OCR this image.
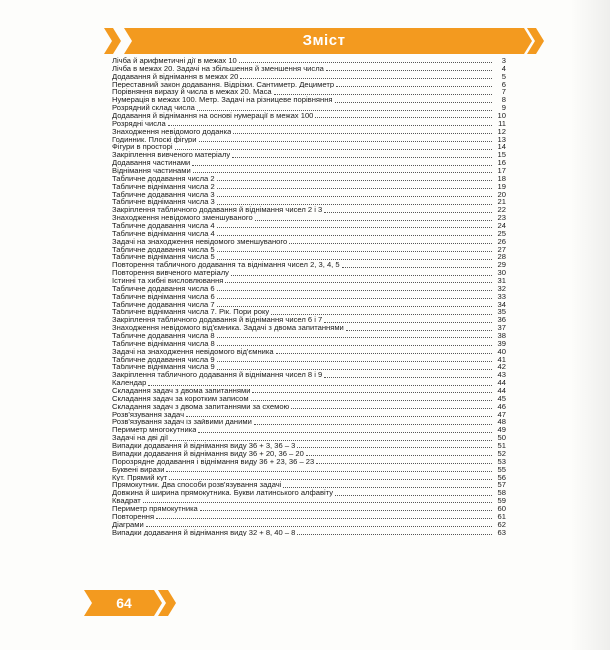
Зміст
Лічба й арифметичні дії в межах 10	3
Лічба в межах 20. Задачі на збільшення й зменшення числа	4
Додавання й віднімання в межах 20	5
Переставний закон додавання. Відрізки. Сантиметр. Дециметр	6
Порівняння виразу й числа в межах 20. Маса	7
Нумерація в межах 100. Метр. Задачі на різницеве порівняння	8
Розрядний склад числа	9
Додавання й віднімання на основі нумерації в межах 100	10
Розрядні числа	11
Знаходження невідомого доданка	12
Годинник. Плоскі фігури	13
Фігури в просторі	14
Закріплення вивченого матеріалу	15
Додавання частинами	16
Віднімання частинами	17
Табличне додавання числа 2	18
Табличне віднімання числа 2	19
Табличне додавання числа 3	20
Табличне віднімання числа 3	21
Закріплення табличного додавання й віднімання чисел 2 і 3	22
Знаходження невідомого зменшуваного	23
Табличне додавання числа 4	24
Табличне віднімання числа 4	25
Задачі на знаходження невідомого зменшуваного	26
Табличне додавання числа 5	27
Табличне віднімання числа 5	28
Повторення табличного додавання та віднімання чисел 2, 3, 4, 5	29
Повторення вивченого матеріалу	30
Істинні та хибні висловлювання	31
Табличне додавання числа 6	32
Табличне віднімання числа 6	33
Табличне додавання числа 7	34
Табличне віднімання числа 7. Рік. Пори року	35
Закріплення табличного додавання й віднімання чисел 6 і 7	36
Знаходження невідомого від'ємника. Задачі з двома запитаннями	37
Табличне додавання числа 8	38
Табличне віднімання числа 8	39
Задачі на знаходження невідомого від'ємника	40
Табличне додавання числа 9	41
Табличне віднімання числа 9	42
Закріплення табличного додавання й віднімання чисел 8 і 9	43
Календар	44
Складання задач з двома запитаннями	44
Складання задач за коротким записом	45
Складання задач з двома запитаннями за схемою	46
Розв'язування задач	47
Розв'язування задач із зайвими даними	48
Периметр многокутника	49
Задачі на дві дії	50
Випадки додавання й віднімання виду 36 + 3, 36 – 3	51
Випадки додавання й віднімання виду 36 + 20, 36 – 20	52
Порозрядне додавання і віднімання виду 36 + 23, 36 – 23	53
Буквені вирази	55
Кут. Прямий кут	56
Прямокутник. Два способи розв'язування задачі	57
Довжина й ширина прямокутника. Букви латинського алфавіту	58
Квадрат	59
Периметр прямокутника	60
Повторення	61
Діаграми	62
Випадки додавання й віднімання виду 32 + 8, 40 – 8	63
64
